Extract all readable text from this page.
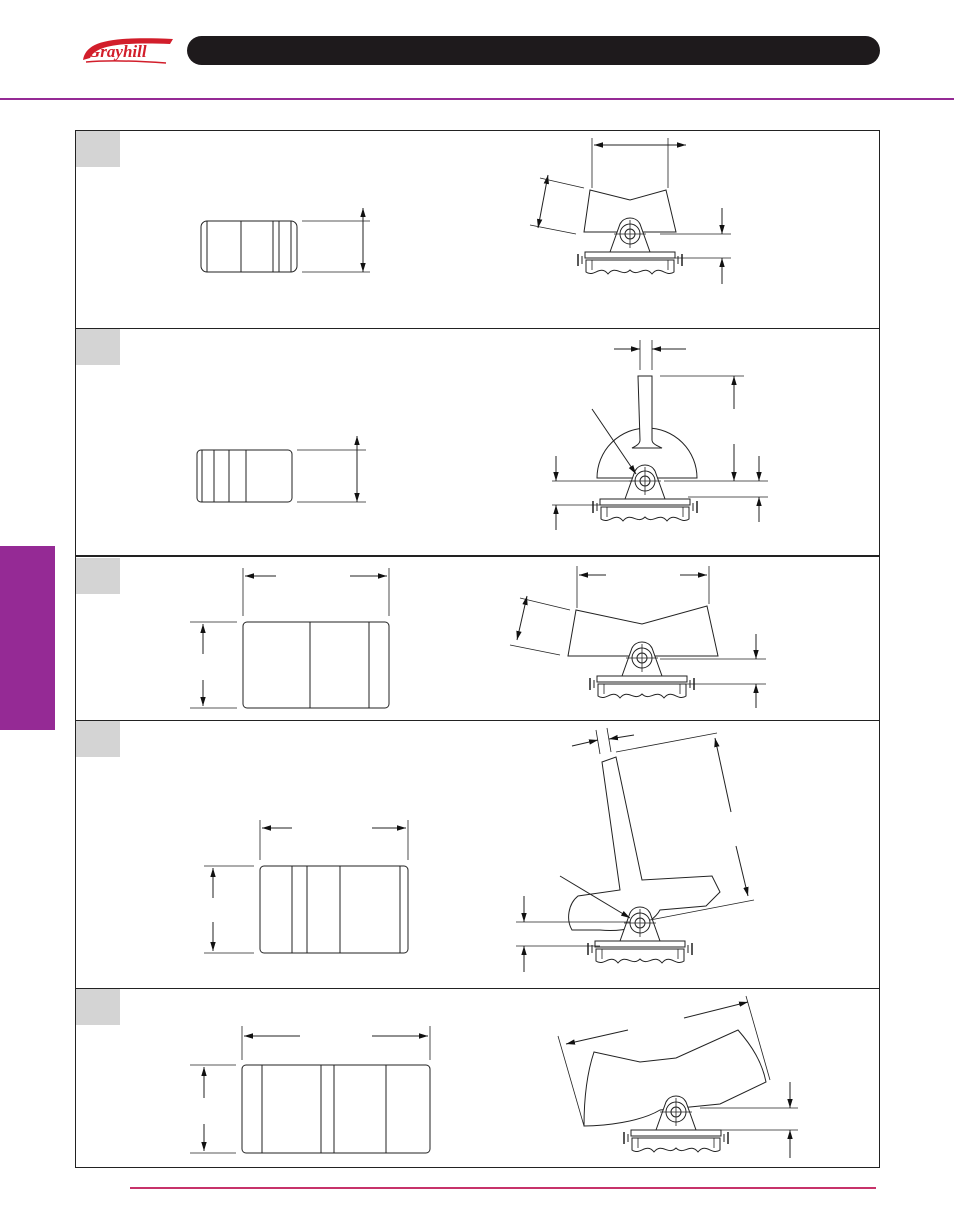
Grayhill
